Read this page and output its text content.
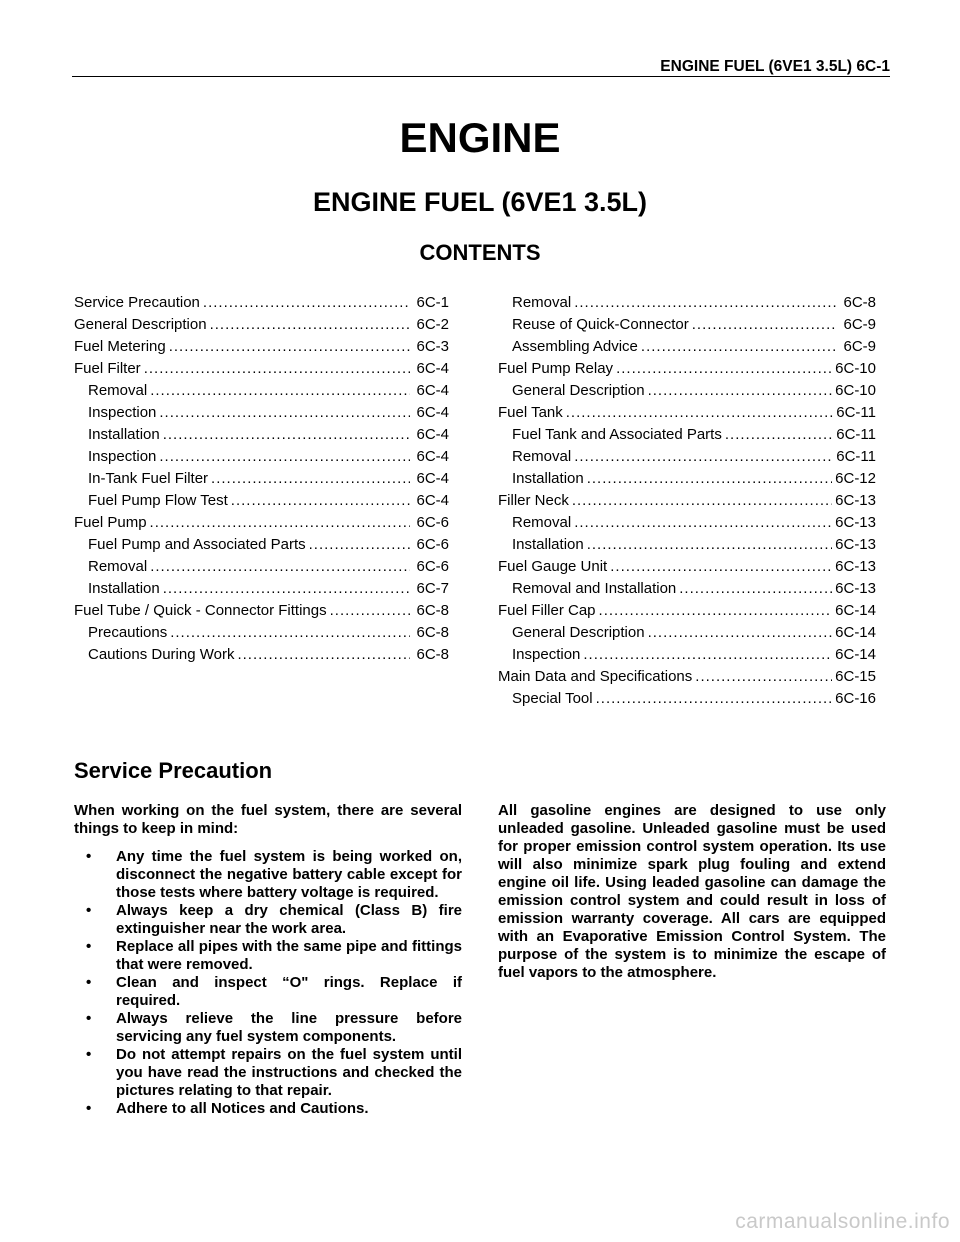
ENGINE FUEL (6VE1 3.5L) 6C-1
ENGINE
ENGINE FUEL (6VE1 3.5L)
CONTENTS
Service Precaution .....	6C-1
General Description .....	6C-2
Fuel Metering .....	6C-3
Fuel Filter .....	6C-4
Removal .....	6C-4
Inspection .....	6C-4
Installation .....	6C-4
Inspection .....	6C-4
In-Tank Fuel Filter .....	6C-4
Fuel Pump Flow Test .....	6C-4
Fuel Pump .....	6C-6
Fuel Pump and Associated Parts .....	6C-6
Removal .....	6C-6
Installation .....	6C-7
Fuel Tube / Quick - Connector Fittings .....	6C-8
Precautions .....	6C-8
Cautions During Work .....	6C-8
Removal .....	6C-8
Reuse of Quick-Connector .....	6C-9
Assembling Advice .....	6C-9
Fuel Pump Relay .....	6C-10
General Description .....	6C-10
Fuel Tank .....	6C-11
Fuel Tank and Associated Parts .....	6C-11
Removal .....	6C-11
Installation .....	6C-12
Filler Neck .....	6C-13
Removal .....	6C-13
Installation .....	6C-13
Fuel Gauge Unit .....	6C-13
Removal and Installation .....	6C-13
Fuel Filler Cap .....	6C-14
General Description .....	6C-14
Inspection .....	6C-14
Main Data and Specifications .....	6C-15
Special Tool .....	6C-16
Service Precaution

When working on the fuel system, there are several things to keep in mind:

• Any time the fuel system is being worked on, disconnect the negative battery cable except for those tests where battery voltage is required.
• Always keep a dry chemical (Class B) fire extinguisher near the work area.
• Replace all pipes with the same pipe and fittings that were removed.
• Clean and inspect “O" rings. Replace if required.
• Always relieve the line pressure before servicing any fuel system components.
• Do not attempt repairs on the fuel system until you have read the instructions and checked the pictures relating to that repair.
• Adhere to all Notices and Cautions.

All gasoline engines are designed to use only unleaded gasoline. Unleaded gasoline must be used for proper emission control system operation. Its use will also minimize spark plug fouling and extend engine oil life. Using leaded gasoline can damage the emission control system and could result in loss of emission warranty coverage. All cars are equipped with an Evaporative Emission Control System. The purpose of the system is to minimize the escape of fuel vapors to the atmosphere.

carmanualsonline.info
